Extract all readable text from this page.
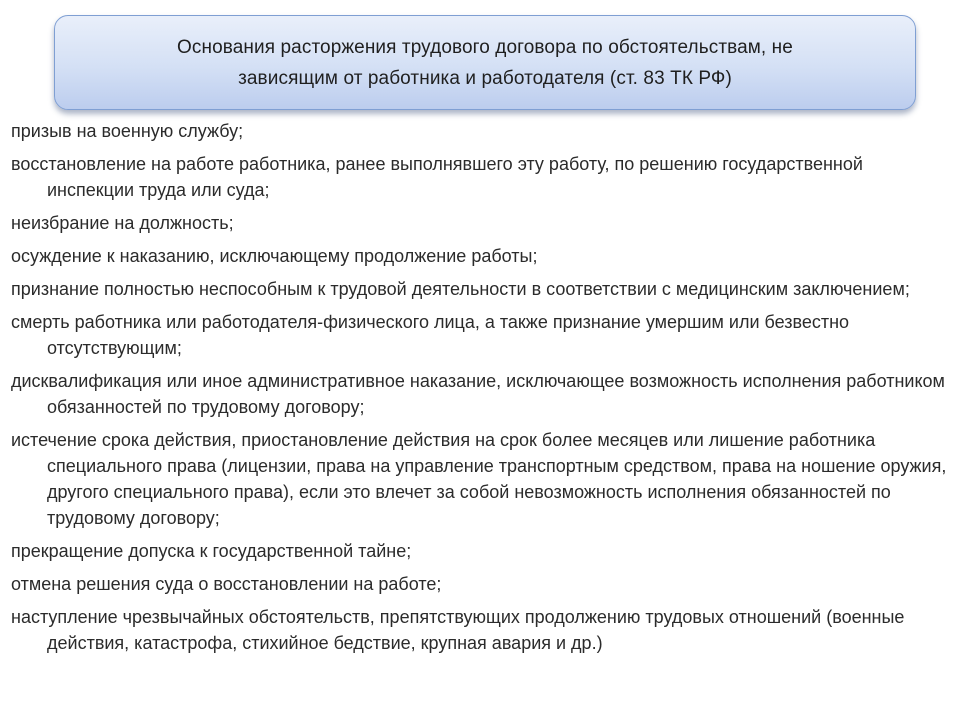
Основания расторжения трудового договора по обстоятельствам, не
зависящим от работника и работодателя (ст. 83 ТК РФ)
призыв на военную службу;
восстановление на работе работника, ранее выполнявшего эту работу, по решению государственной инспекции труда или суда;
неизбрание на должность;
осуждение к наказанию, исключающему продолжение работы;
признание полностью неспособным к трудовой деятельности в соответствии с медицинским заключением;
смерть работника или работодателя-физического лица, а также признание умершим или безвестно отсутствующим;
дисквалификация или иное административное наказание, исключающее возможность исполнения работником обязанностей по трудовому договору;
истечение срока действия, приостановление действия на срок более месяцев или лишение работника специального права (лицензии, права на управление транспортным средством, права на ношение оружия, другого специального права), если это влечет за собой невозможность исполнения обязанностей по трудовому договору;
прекращение допуска к государственной тайне;
отмена решения суда о восстановлении на работе;
наступление чрезвычайных обстоятельств, препятствующих продолжению трудовых отношений (военные действия, катастрофа, стихийное бедствие, крупная авария и др.)
